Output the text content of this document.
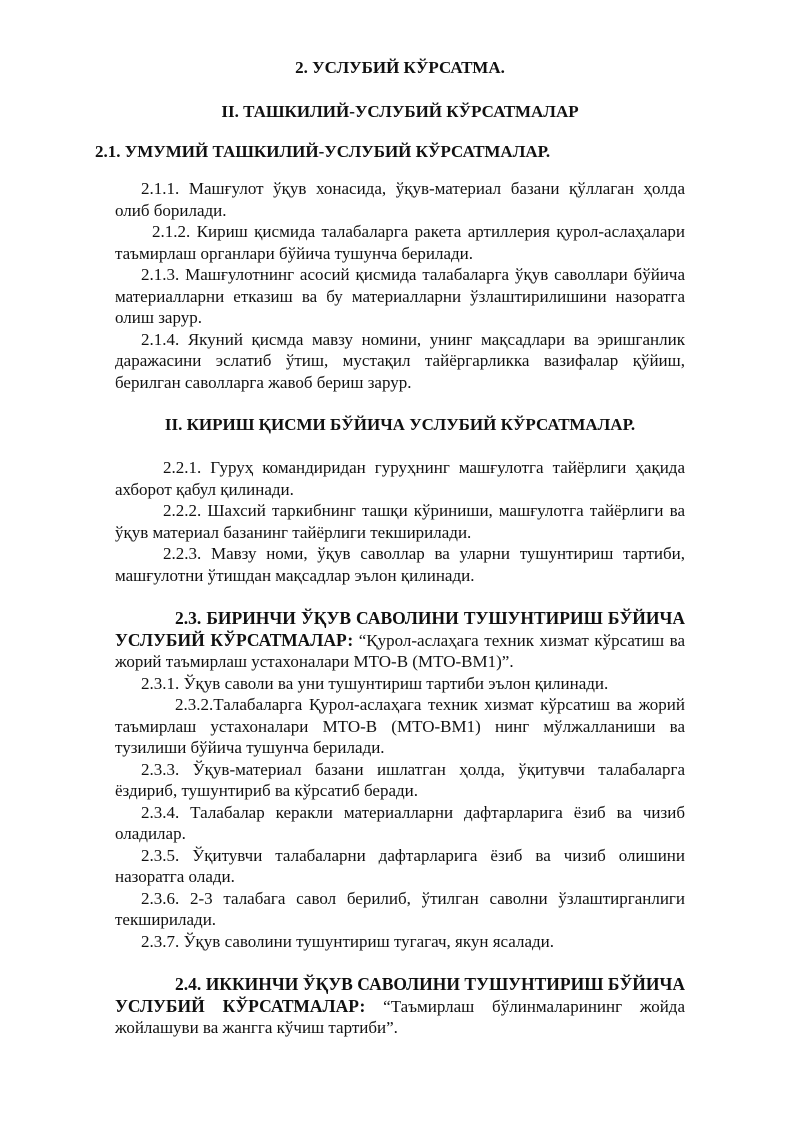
2. УСЛУБИЙ КЎРСАТМА.
II. ТАШКИЛИЙ-УСЛУБИЙ КЎРСАТМАЛАР
2.1. УМУМИЙ ТАШКИЛИЙ-УСЛУБИЙ КЎРСАТМАЛАР.

2.1.1. Машғулот ўқув хонасида, ўқув-материал базани қўллаган ҳолда олиб борилади.

2.1.2. Кириш қисмида талабаларга ракета артиллерия қурол-аслаҳалари таъмирлаш органлари бўйича тушунча берилади.

2.1.3. Машғулотнинг асосий қисмида талабаларга ўқув саволлари бўйича материалларни етказиш ва бу материалларни ўзлаштирилишини назоратга олиш зарур.

2.1.4. Якуний қисмда мавзу номини, унинг мақсадлари ва эришганлик даражасини эслатиб ўтиш, мустақил тайёргарликка вазифалар қўйиш, берилган саволларга жавоб бериш зарур.

II. КИРИШ ҚИСМИ БЎЙИЧА УСЛУБИЙ КЎРСАТМАЛАР.

2.2.1. Гуруҳ командиридан гуруҳнинг машғулотга тайёрлиги ҳақида ахборот қабул қилинади.

2.2.2. Шахсий таркибнинг ташқи кўриниши, машғулотга тайёрлиги ва ўқув материал базанинг тайёрлиги текширилади.

2.2.3. Мавзу номи, ўқув саволлар ва уларни тушунтириш тартиби, машғулотни ўтишдан мақсадлар эълон қилинади.

2.3. БИРИНЧИ ЎҚУВ САВОЛИНИ ТУШУНТИРИШ БЎЙИЧА УСЛУБИЙ КЎРСАТМАЛАР: “Қурол-аслаҳага техник хизмат кўрсатиш ва жорий таъмирлаш устахоналари МТО-В (МТО-ВМ1)”.

2.3.1. Ўқув саволи ва уни тушунтириш тартиби эълон қилинади.

2.3.2.Талабаларга Қурол-аслаҳага техник хизмат кўрсатиш ва жорий таъмирлаш устахоналари МТО-В (МТО-ВМ1) нинг мўлжалланиши ва тузилиши бўйича тушунча берилади.

2.3.3. Ўқув-материал базани ишлатган ҳолда, ўқитувчи талабаларга ёздириб, тушунтириб ва кўрсатиб беради.

2.3.4. Талабалар керакли материалларни дафтарларига ёзиб ва чизиб оладилар.

2.3.5. Ўқитувчи талабаларни дафтарларига ёзиб ва чизиб олишини назоратга олади.

2.3.6. 2-3 талабага савол берилиб, ўтилган саволни ўзлаштирганлиги текширилади.

2.3.7. Ўқув саволини тушунтириш тугагач, якун ясалади.

2.4. ИККИНЧИ ЎҚУВ САВОЛИНИ ТУШУНТИРИШ БЎЙИЧА УСЛУБИЙ КЎРСАТМАЛАР: “Таъмирлаш бўлинмаларининг жойда жойлашуви ва жангга кўчиш тартиби”.
